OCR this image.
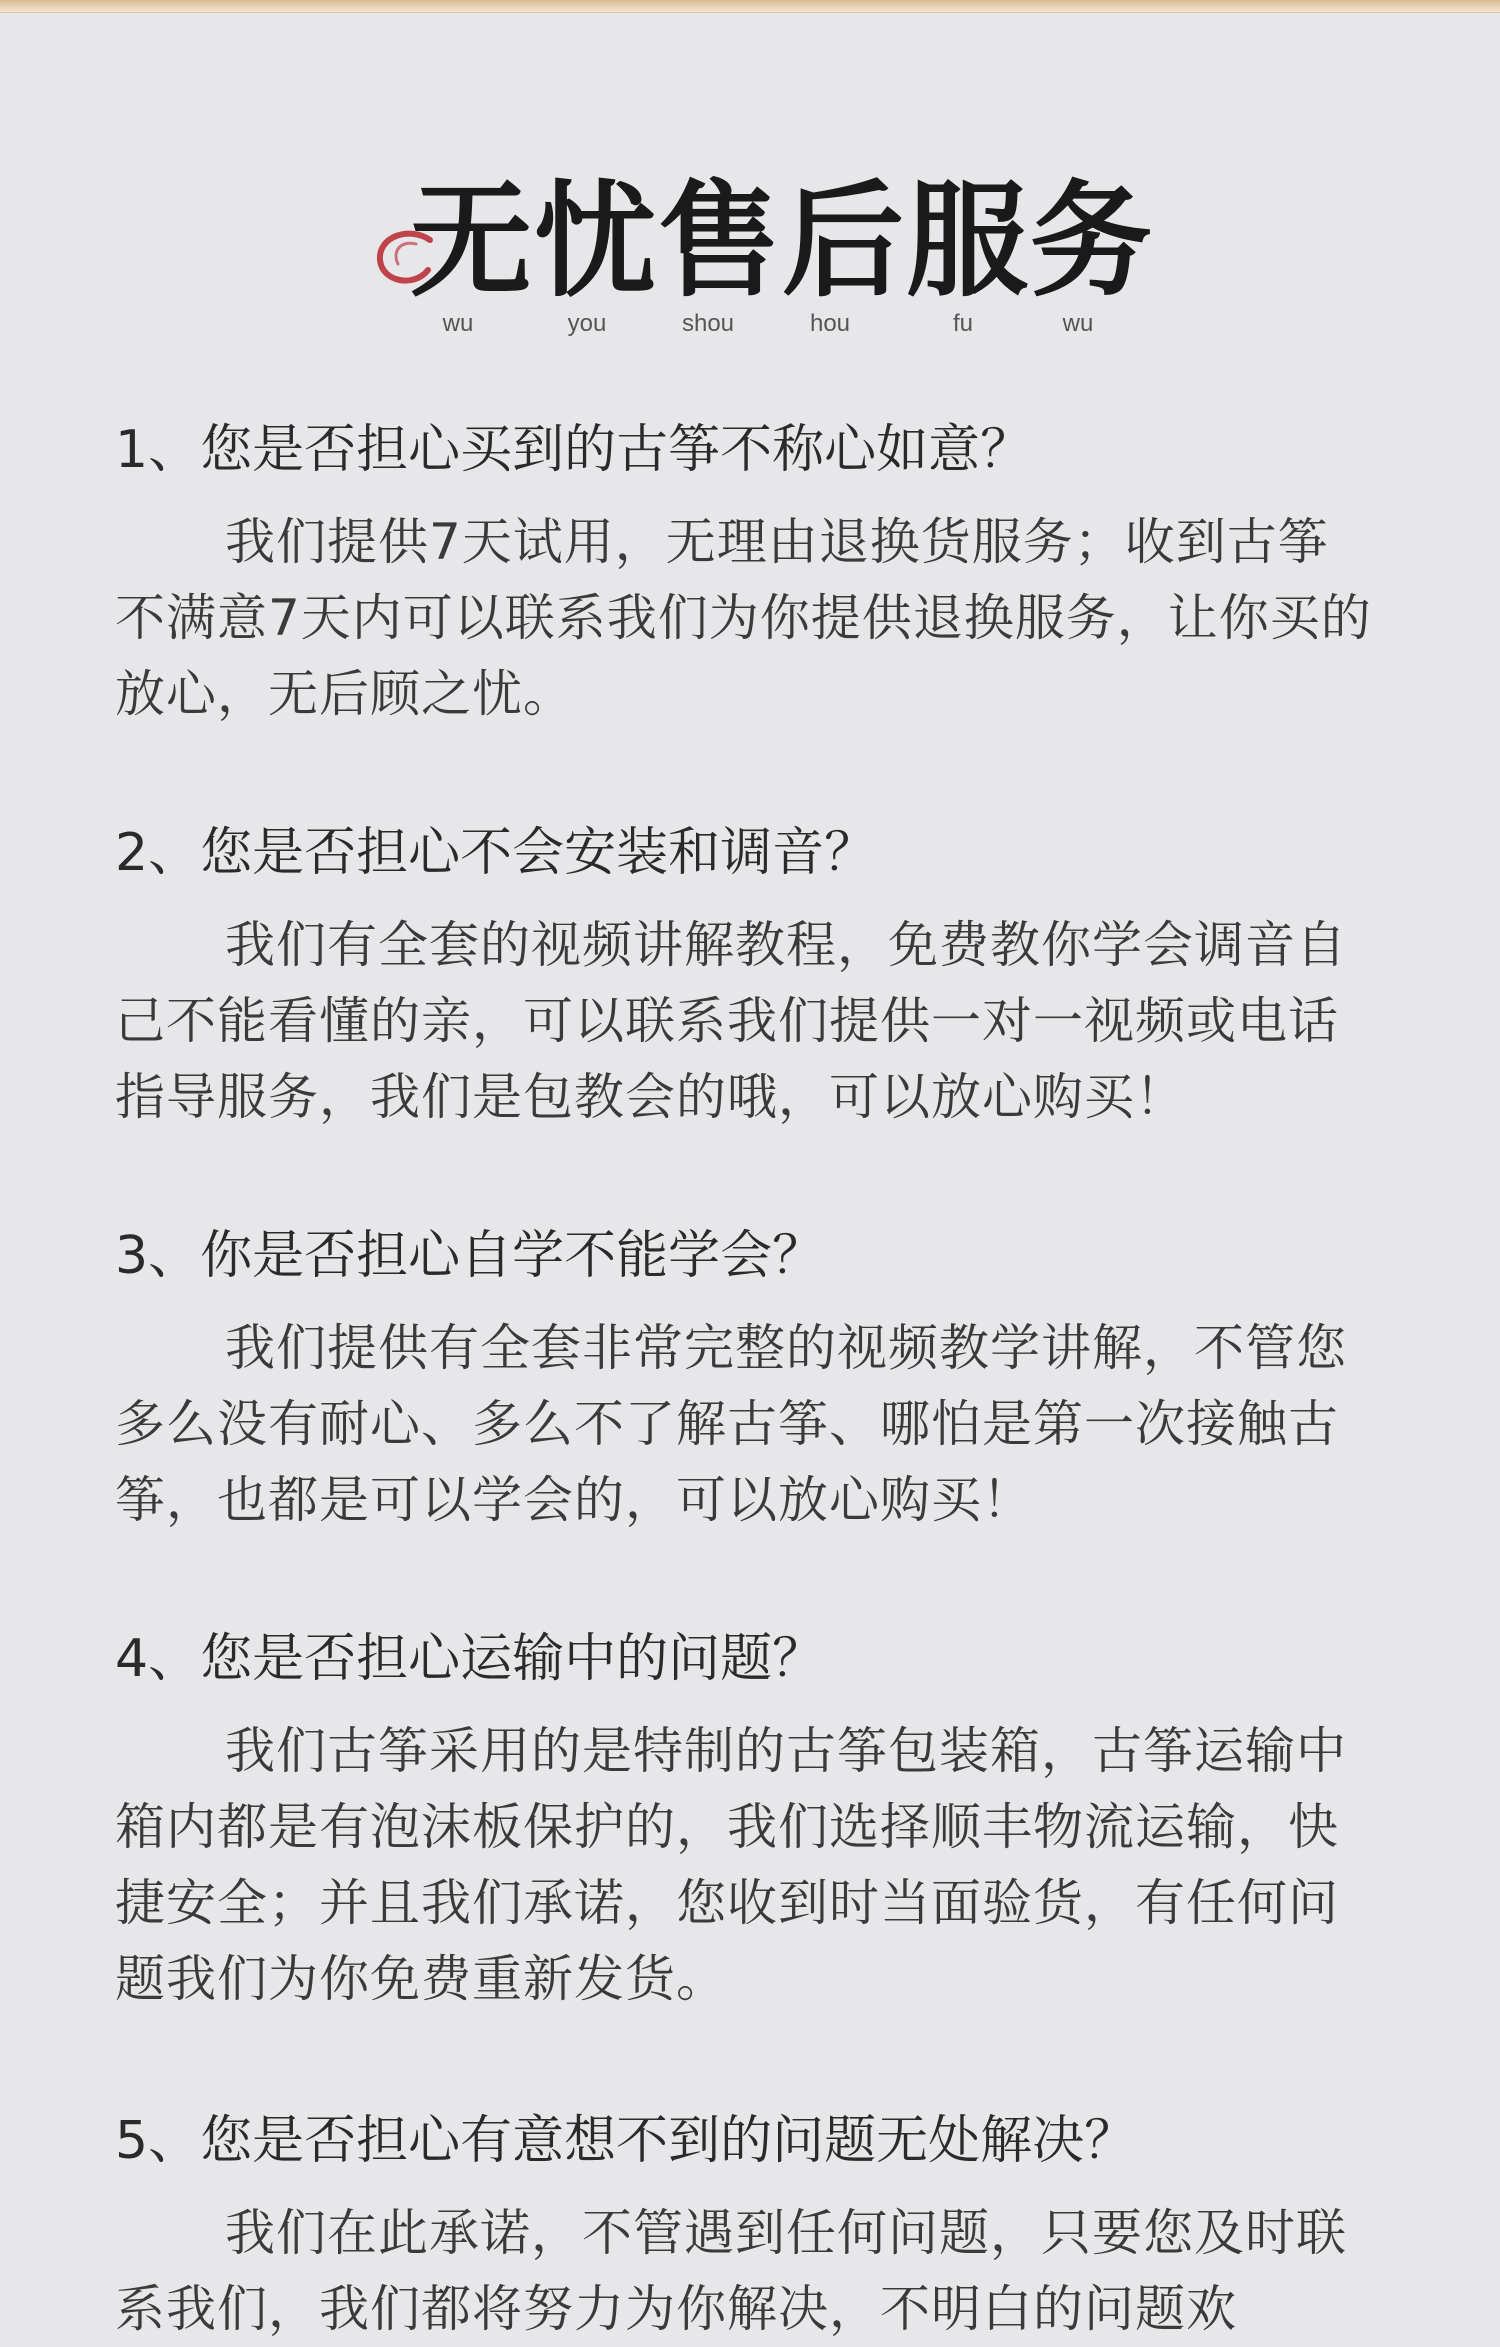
无忧售后服务
wu	you	shou	hou	fu	wu
1、您是否担心买到的古筝不称心如意？
我们提供7天试用，无理由退换货服务；收到古筝不满意7天内可以联系我们为你提供退换服务，让你买的放心，无后顾之忧。
2、您是否担心不会安装和调音？
我们有全套的视频讲解教程，免费教你学会调音自己不能看懂的亲，可以联系我们提供一对一视频或电话指导服务，我们是包教会的哦，可以放心购买！
3、你是否担心自学不能学会？
我们提供有全套非常完整的视频教学讲解，不管您多么没有耐心、多么不了解古筝、哪怕是第一次接触古筝，也都是可以学会的，可以放心购买！
4、您是否担心运输中的问题？
我们古筝采用的是特制的古筝包装箱，古筝运输中箱内都是有泡沫板保护的，我们选择顺丰物流运输，快捷安全；并且我们承诺，您收到时当面验货，有任何问题我们为你免费重新发货。
5、您是否担心有意想不到的问题无处解决？
我们在此承诺，不管遇到任何问题，只要您及时联系我们，我们都将努力为你解决，不明白的问题欢
